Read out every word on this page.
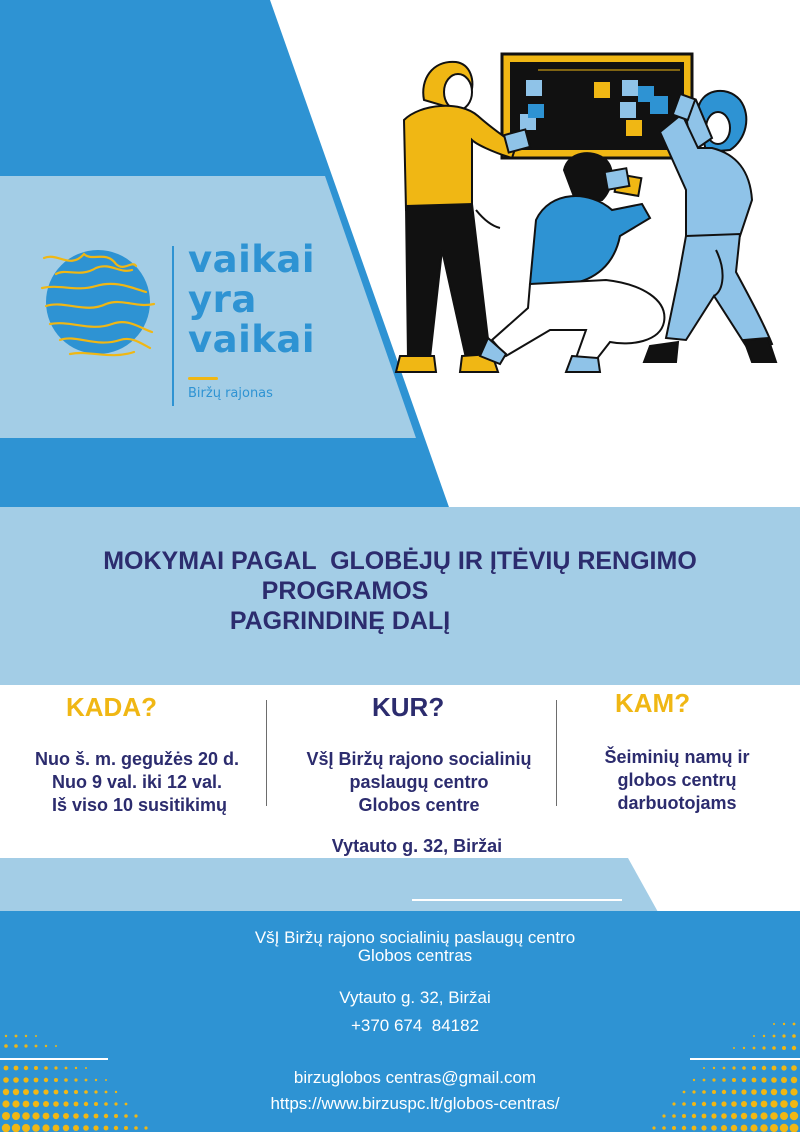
vaikai
yra
vaikai
Biržų rajonas
MOKYMAI PAGAL  GLOBĖJŲ IR ĮTĖVIŲ RENGIMO
PROGRAMOS
PAGRINDINĘ DALĮ
KADA?
Nuo š. m. gegužės 20 d.
Nuo 9 val. iki 12 val.
Iš viso 10 susitikimų
KUR?
VšĮ Biržų rajono socialinių
paslaugų centro
Globos centre
KAM?
Šeiminių namų ir
globos centrų
darbuotojams
Vytauto g. 32, Biržai
VšĮ Biržų rajono socialinių paslaugų centro
Globos centras
Vytauto g. 32, Biržai
+370 674  84182
birzuglobos centras@gmail.com
https://www.birzuspc.lt/globos-centras/
